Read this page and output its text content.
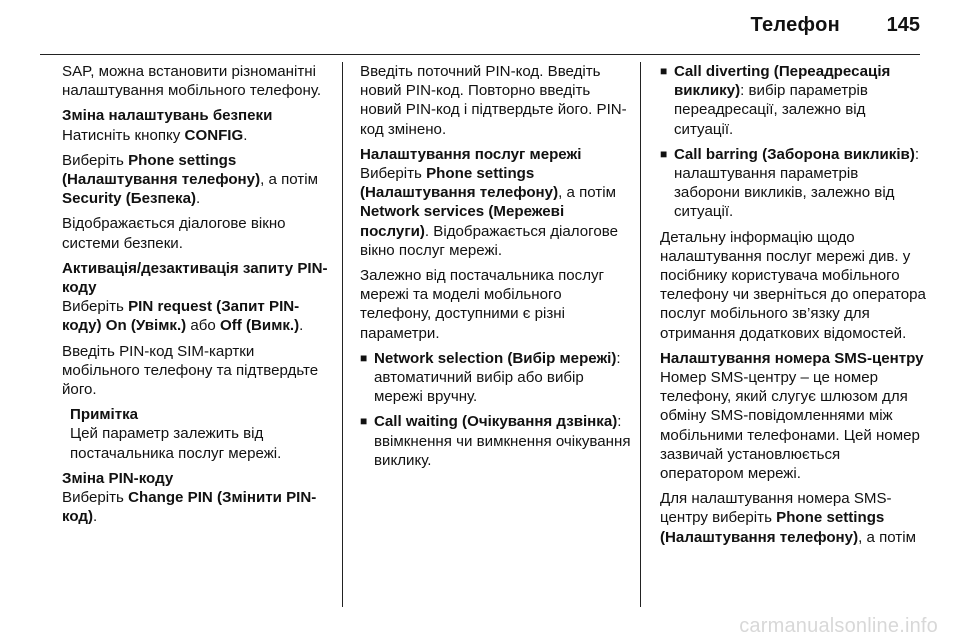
Телефон 145

SAP, можна встановити різноманітні налаштування мобільного телефону.

Зміна налаштувань безпеки

Натисніть кнопку CONFIG.

Виберіть Phone settings (Налаштування телефону), а потім Security (Безпека).

Відображається діалогове вікно системи безпеки.

Активація/дезактивація запиту PIN-коду

Виберіть PIN request (Запит PIN-коду) On (Увімк.) або Off (Вимк.).

Введіть PIN-код SIM-картки мобільного телефону та підтвердьте його.

Примітка
Цей параметр залежить від постачальника послуг мережі.

Зміна PIN-коду

Виберіть Change PIN (Змінити PIN-код).

Введіть поточний PIN-код. Введіть новий PIN-код. Повторно введіть новий PIN-код і підтвердьте його. PIN-код змінено.

Налаштування послуг мережі

Виберіть Phone settings (Налаштування телефону), а потім Network services (Мережеві послуги). Відображається діалогове вікно послуг мережі.

Залежно від постачальника послуг мережі та моделі мобільного телефону, доступними є різні параметри.

■ Network selection (Вибір мережі): автоматичний вибір або вибір мережі вручну.
■ Call waiting (Очікування дзвінка): ввімкнення чи вимкнення очікування виклику.
■ Call diverting (Переадресація виклику): вибір параметрів переадресації, залежно від ситуації.
■ Call barring (Заборона викликів): налаштування параметрів заборони викликів, залежно від ситуації.

Детальну інформацію щодо налаштування послуг мережі див. у посібнику користувача мобільного телефону чи зверніться до оператора послуг мобільного зв’язку для отримання додаткових відомостей.

Налаштування номера SMS-центру

Номер SMS-центру – це номер телефону, який слугує шлюзом для обміну SMS-повідомленнями між мобільними телефонами. Цей номер зазвичай установлюється оператором мережі.

Для налаштування номера SMS-центру виберіть Phone settings (Налаштування телефону), а потім

carmanualsonline.info
